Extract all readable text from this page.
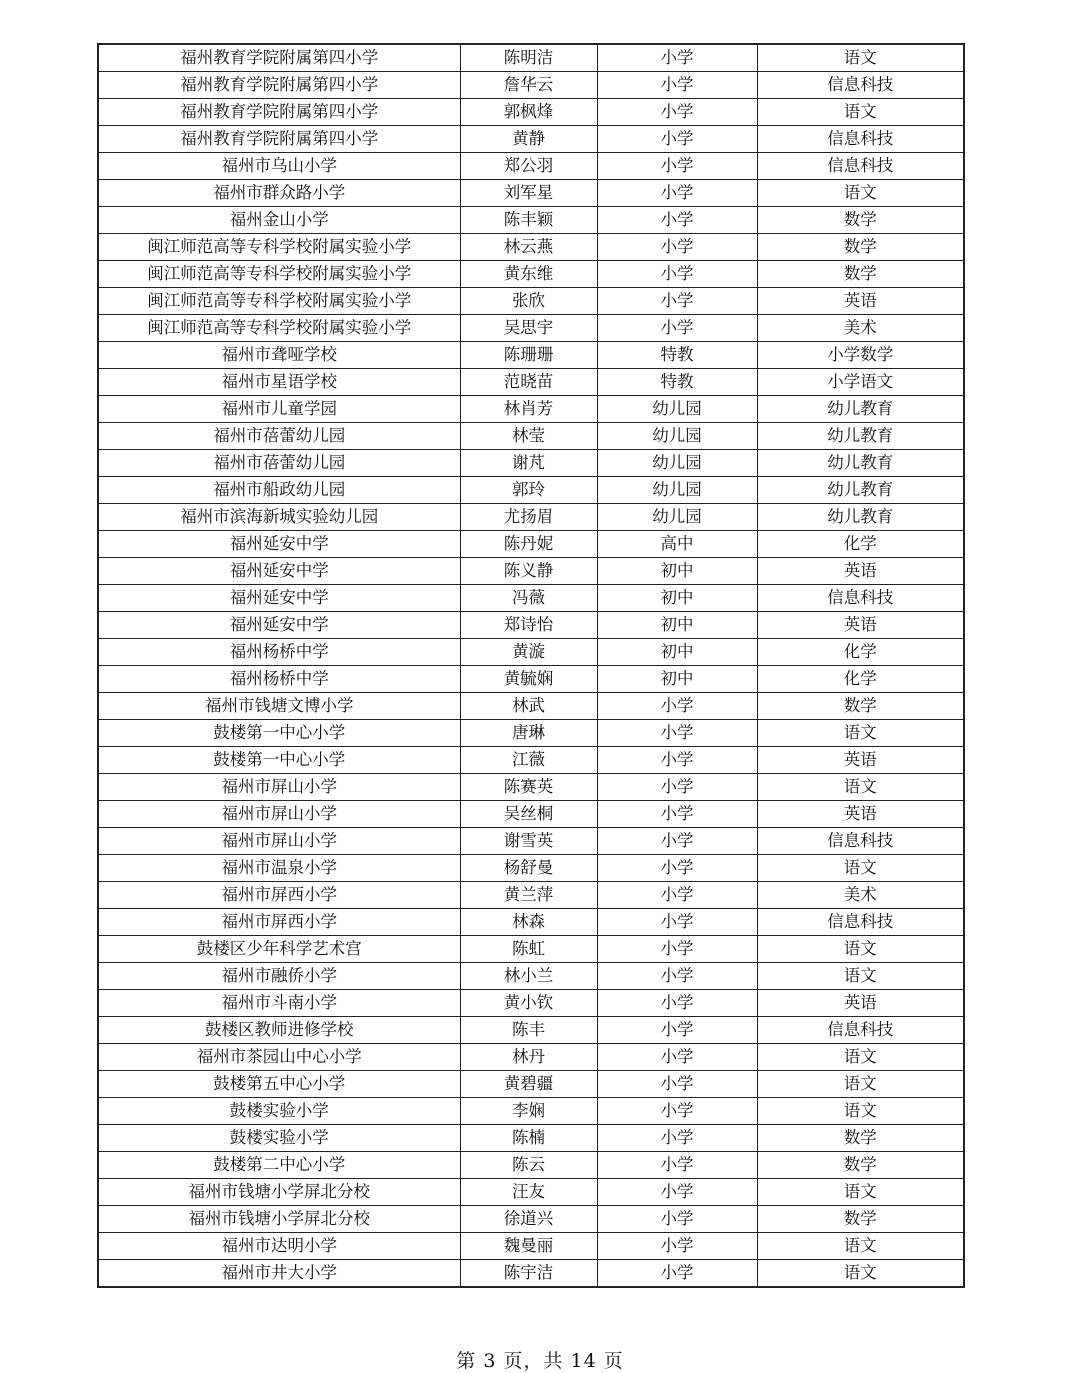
福州教育学院附属第四小学	陈明洁	小学	语文
福州教育学院附属第四小学	詹华云	小学	信息科技
福州教育学院附属第四小学	郭枫烽	小学	语文
福州教育学院附属第四小学	黄静	小学	信息科技
福州市乌山小学	郑公羽	小学	信息科技
福州市群众路小学	刘军星	小学	语文
福州金山小学	陈丰颖	小学	数学
闽江师范高等专科学校附属实验小学	林云燕	小学	数学
闽江师范高等专科学校附属实验小学	黄东维	小学	数学
闽江师范高等专科学校附属实验小学	张欣	小学	英语
闽江师范高等专科学校附属实验小学	吴思宇	小学	美术
福州市聋哑学校	陈珊珊	特教	小学数学
福州市星语学校	范晓苗	特教	小学语文
福州市儿童学园	林肖芳	幼儿园	幼儿教育
福州市蓓蕾幼儿园	林莹	幼儿园	幼儿教育
福州市蓓蕾幼儿园	谢芃	幼儿园	幼儿教育
福州市船政幼儿园	郭玲	幼儿园	幼儿教育
福州市滨海新城实验幼儿园	尤扬眉	幼儿园	幼儿教育
福州延安中学	陈丹妮	高中	化学
福州延安中学	陈义静	初中	英语
福州延安中学	冯薇	初中	信息科技
福州延安中学	郑诗怡	初中	英语
福州杨桥中学	黄漩	初中	化学
福州杨桥中学	黄毓娴	初中	化学
福州市钱塘文博小学	林武	小学	数学
鼓楼第一中心小学	唐琳	小学	语文
鼓楼第一中心小学	江薇	小学	英语
福州市屏山小学	陈赛英	小学	语文
福州市屏山小学	吴丝桐	小学	英语
福州市屏山小学	谢雪英	小学	信息科技
福州市温泉小学	杨舒曼	小学	语文
福州市屏西小学	黄兰萍	小学	美术
福州市屏西小学	林森	小学	信息科技
鼓楼区少年科学艺术宫	陈虹	小学	语文
福州市融侨小学	林小兰	小学	语文
福州市斗南小学	黄小钦	小学	英语
鼓楼区教师进修学校	陈丰	小学	信息科技
福州市茶园山中心小学	林丹	小学	语文
鼓楼第五中心小学	黄碧疆	小学	语文
鼓楼实验小学	李娴	小学	语文
鼓楼实验小学	陈楠	小学	数学
鼓楼第二中心小学	陈云	小学	数学
福州市钱塘小学屏北分校	汪友	小学	语文
福州市钱塘小学屏北分校	徐道兴	小学	数学
福州市达明小学	魏曼丽	小学	语文
福州市井大小学	陈宇洁	小学	语文
第 3 页，共 14 页
